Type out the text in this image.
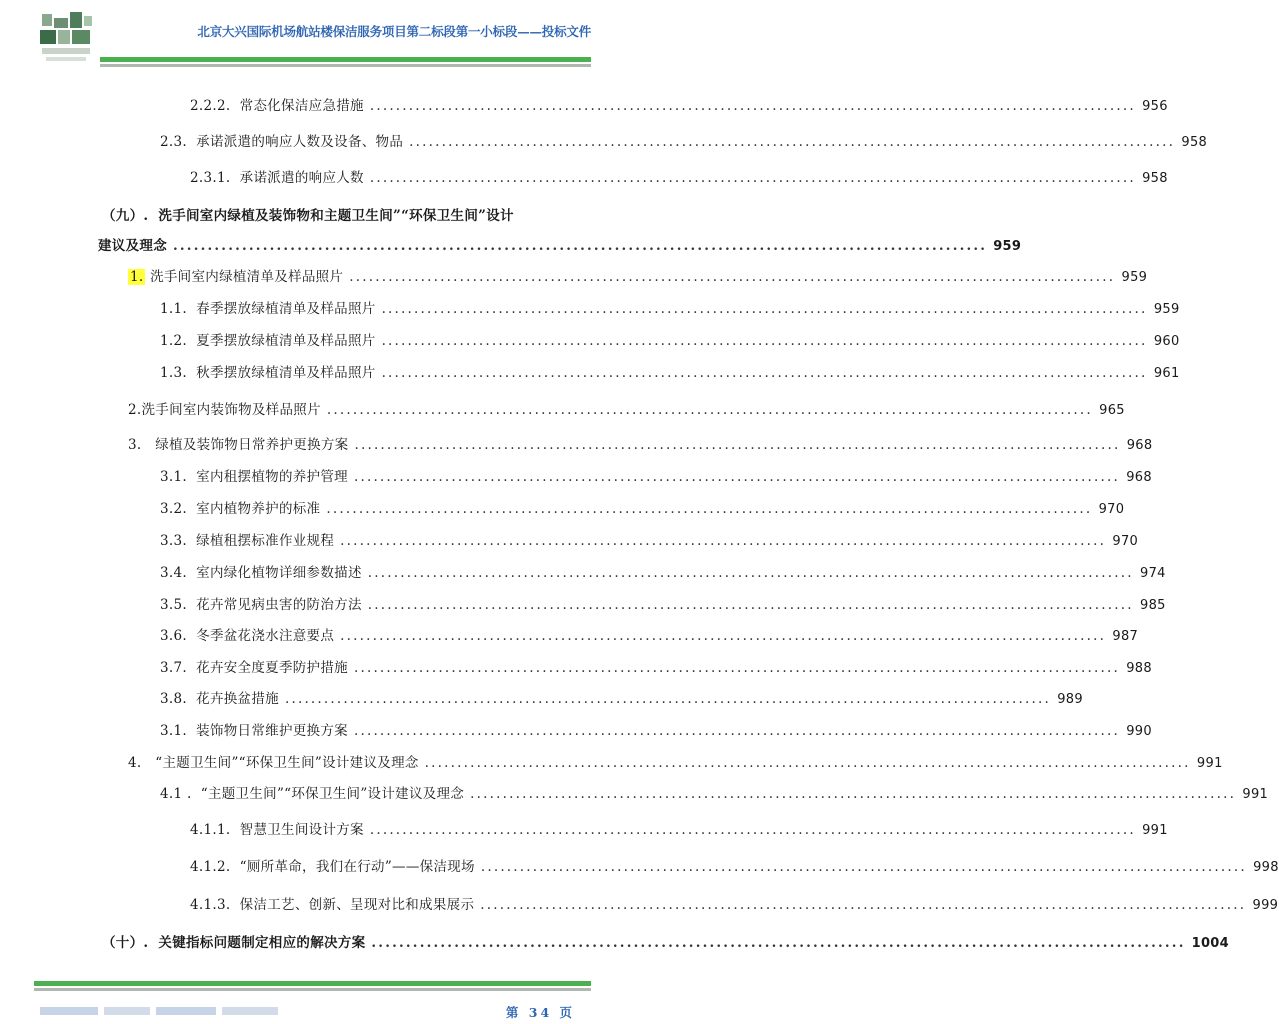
北京大兴国际机场航站楼保洁服务项目第二标段第一小标段——投标文件
2.2.2.
常态化保洁应急措施 ...................................................................................................................... 956
2.3.
承诺派遣的响应人数及设备、物品 ...................................................................................................................... 958
2.3.1.
承诺派遣的响应人数 ...................................................................................................................... 958
（九）. 洗手间室内绿植及装饰物和主题卫生间”“环保卫生间”设计
建议及理念 ...................................................................................................................... 959
1.
洗手间室内绿植清单及样品照片 ...................................................................................................................... 959
1.1.
春季摆放绿植清单及样品照片 ...................................................................................................................... 959
1.2.
夏季摆放绿植清单及样品照片 ...................................................................................................................... 960
1.3.
秋季摆放绿植清单及样品照片 ...................................................................................................................... 961
2. 洗手间室内装饰物及样品照片 ...................................................................................................................... 965
3.
绿植及装饰物日常养护更换方案 ...................................................................................................................... 968
3.1.
室内租摆植物的养护管理 ...................................................................................................................... 968
3.2.
室内植物养护的标准 ...................................................................................................................... 970
3.3.
绿植租摆标准作业规程 ...................................................................................................................... 970
3.4.
室内绿化植物详细参数描述 ...................................................................................................................... 974
3.5.
花卉常见病虫害的防治方法 ...................................................................................................................... 985
3.6.
冬季盆花浇水注意要点 ...................................................................................................................... 987
3.7.
花卉安全度夏季防护措施 ...................................................................................................................... 988
3.8.
花卉换盆措施 ...................................................................................................................... 989
3.1.
装饰物日常维护更换方案 ...................................................................................................................... 990
4.
“主题卫生间”“环保卫生间”设计建议及理念 ...................................................................................................................... 991
4.1 .
“主题卫生间”“环保卫生间”设计建议及理念 ...................................................................................................................... 991
4.1.1.
智慧卫生间设计方案 ...................................................................................................................... 991
4.1.2.
“厕所革命，我们在行动”——保洁现场 ...................................................................................................................... 998
4.1.3.
保洁工艺、创新、呈现对比和成果展示 ...................................................................................................................... 999
（十）.
关键指标问题制定相应的解决方案 ...................................................................................................................... 1004
第 34 页
